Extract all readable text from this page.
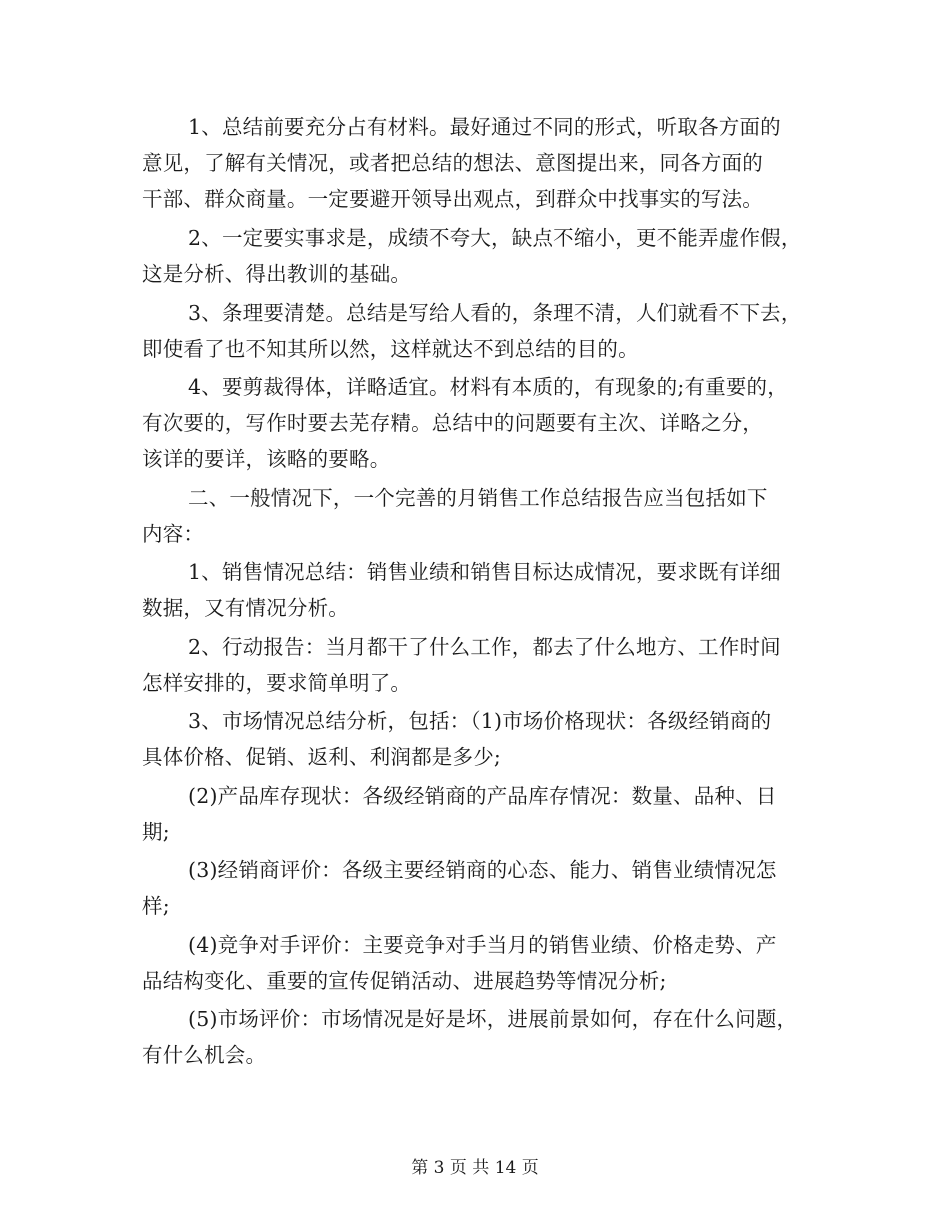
1、总结前要充分占有材料。最好通过不同的形式，听取各方面的
意见，了解有关情况，或者把总结的想法、意图提出来，同各方面的
干部、群众商量。一定要避开领导出观点，到群众中找事实的写法。
2、一定要实事求是，成绩不夸大，缺点不缩小，更不能弄虚作假，
这是分析、得出教训的基础。
3、条理要清楚。总结是写给人看的，条理不清，人们就看不下去，
即使看了也不知其所以然，这样就达不到总结的目的。
4、要剪裁得体，详略适宜。材料有本质的，有现象的;有重要的，
有次要的，写作时要去芜存精。总结中的问题要有主次、详略之分，
该详的要详，该略的要略。
二、一般情况下，一个完善的月销售工作总结报告应当包括如下
内容：
1、销售情况总结：销售业绩和销售目标达成情况，要求既有详细
数据，又有情况分析。
2、行动报告：当月都干了什么工作，都去了什么地方、工作时间
怎样安排的，要求简单明了。
3、市场情况总结分析，包括：（1)市场价格现状：各级经销商的
具体价格、促销、返利、利润都是多少;
(2)产品库存现状：各级经销商的产品库存情况：数量、品种、日
期;
(3)经销商评价：各级主要经销商的心态、能力、销售业绩情况怎
样;
(4)竞争对手评价：主要竞争对手当月的销售业绩、价格走势、产
品结构变化、重要的宣传促销活动、进展趋势等情况分析;
(5)市场评价：市场情况是好是坏，进展前景如何，存在什么问题，
有什么机会。
第 3 页 共 14 页
